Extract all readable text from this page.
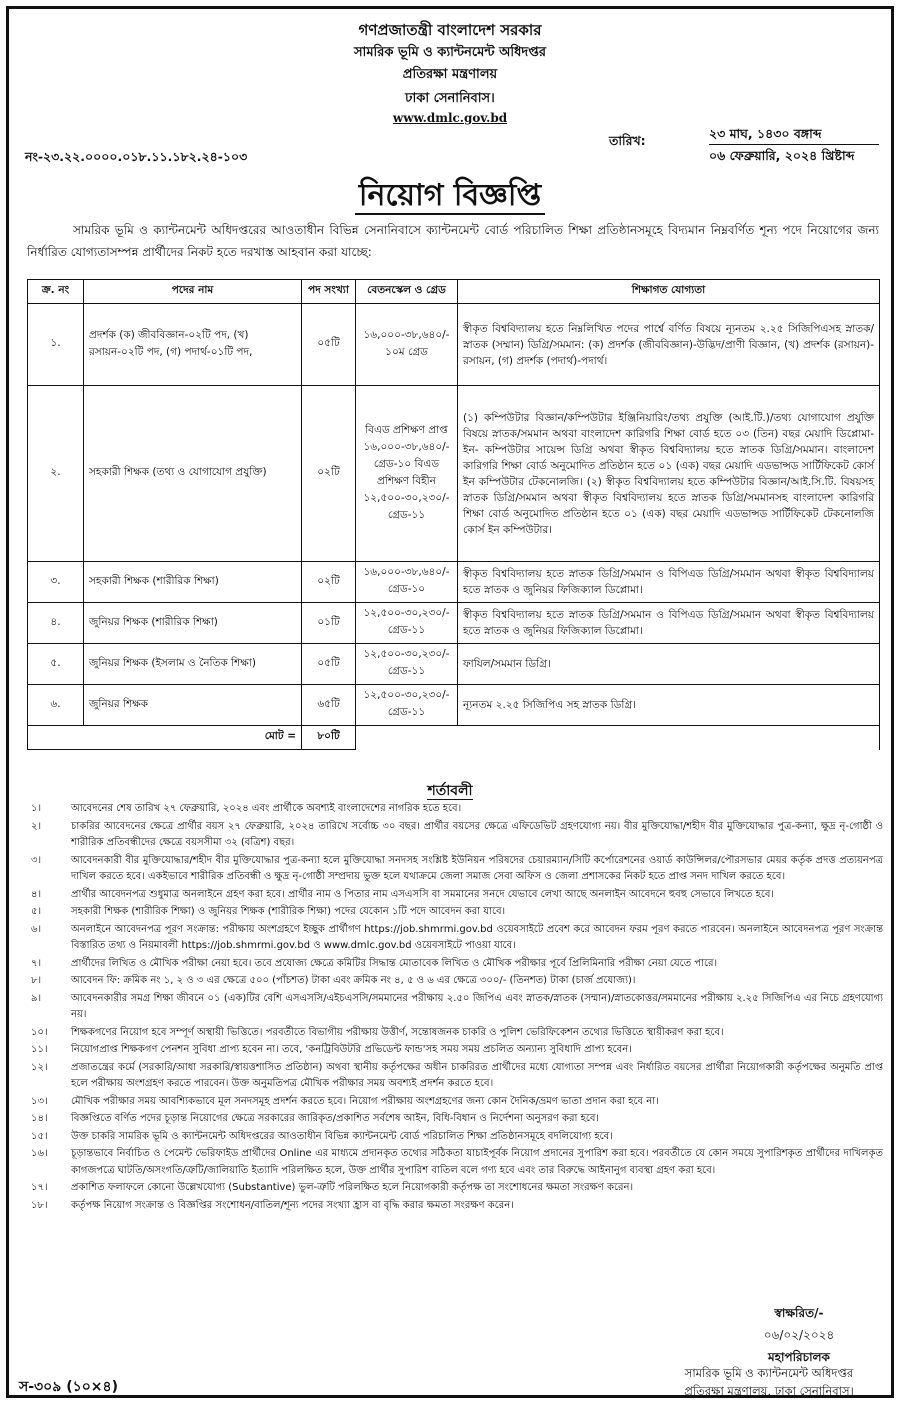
গণপ্রজাতন্ত্রী বাংলাদেশ সরকার
সামরিক ভূমি ও ক্যান্টনমেন্ট অধিদপ্তর
প্রতিরক্ষা মন্ত্রণালয়
ঢাকা সেনানিবাস।
www.dmlc.gov.bd
নং-২৩.২২.০০০০.০১৮.১১.১৮২.২৪-১০৩
তারিখ:	২৩ মাঘ, ১৪৩০ বঙ্গাব্দ
০৬ ফেব্রুয়ারি, ২০২৪ খ্রিষ্টাব্দ
নিয়োগ বিজ্ঞপ্তি
সামরিক ভূমি ও ক্যান্টনমেন্ট অধিদপ্তরের আওতাধীন বিভিন্ন সেনানিবাসে ক্যান্টনমেন্ট বোর্ড পরিচালিত শিক্ষা প্রতিষ্ঠানসমূহে বিদ্যমান নিম্নবর্ণিত শূন্য পদে নিয়োগের জন্য নির্ধারিত যোগ্যতাসম্পন্ন প্রার্থীদের নিকট হতে দরখাস্ত আহবান করা যাচ্ছে:
ক্র. নং	পদের নাম	পদ সংখ্যা	বেতনস্কেল ও গ্রেড	শিক্ষাগত যোগ্যতা
১.	প্রদর্শক (ক) জীববিজ্ঞান-০২টি পদ, (খ) রসায়ন-০২টি পদ, (গ) পদার্থ-০১টি পদ,	০৫টি	১৬,০০০-৩৮,৬৪০/- ১০ম গ্রেড	স্বীকৃত বিশ্ববিদ্যালয় হতে নিম্নলিখিত পদের পার্শ্বে বর্ণিত বিষয়ে ন্যূনতম ২.২৫ সিজিপিএসহ স্নাতক/স্নাতক (সম্মান) ডিগ্রি/সমমান: (ক) প্রদর্শক (জীববিজ্ঞান)-উদ্ভিদ/প্রাণী বিজ্ঞান, (খ) প্রদর্শক (রসায়ন)-রসায়ন, (গ) প্রদর্শক (পদার্থ)-পদার্থ।
২.	সহকারী শিক্ষক (তথ্য ও যোগাযোগ প্রযুক্তি)	০২টি	বিএড প্রশিক্ষণ প্রাপ্ত ১৬,০০০-৩৮,৬৪০/- গ্রেড-১০ বিএড প্রশিক্ষণ বিহীন ১২,৫০০-৩০,২৩০/- গ্রেড-১১	(১) কম্পিউটার বিজ্ঞান/কম্পিউটার ইঞ্জিনিয়ারিং/তথ্য প্রযুক্তি (আই.টি.)/তথ্য যোগাযোগ প্রযুক্তি বিষয়ে স্নাতক/সমমান অথবা বাংলাদেশ কারিগরি শিক্ষা বোর্ড হতে ০৩ (তিন) বছর মেয়াদি ডিপ্লোমা-ইন- কম্পিউটার সায়েন্স ডিগ্রি অথবা স্বীকৃত বিশ্ববিদ্যালয় হতে স্নাতক ডিগ্রি/সমমান। বাংলাদেশ কারিগরি শিক্ষা বোর্ড অনুমোদিত প্রতিষ্ঠান হতে ০১ (এক) বছর মেয়াদি এডভান্সড সার্টিফিকেট কোর্স ইন কম্পিউটার টেকনোলজি। (২) স্বীকৃত বিশ্ববিদ্যালয় হতে কম্পিউটার বিজ্ঞান/আই.সি.টি. বিষয়সহ স্নাতক ডিগ্রি/সমমান অথবা স্বীকৃত বিশ্ববিদ্যালয় হতে স্নাতক ডিগ্রি/সমমানসহ বাংলাদেশ কারিগরি শিক্ষা বোর্ড অনুমোদিত প্রতিষ্ঠান হতে ০১ (এক) বছর মেয়াদি এডভান্সড সার্টিফিকেট টেকনোলজি কোর্স ইন কম্পিউটার।
৩.	সহকারী শিক্ষক (শারীরিক শিক্ষা)	০২টি	১৬,০০০-৩৮,৬৪০/- গ্রেড-১০	স্বীকৃত বিশ্ববিদ্যালয় হতে স্নাতক ডিগ্রি/সমমান ও বিপিএড ডিগ্রি/সমমান অথবা স্বীকৃত বিশ্ববিদ্যালয় হতে স্নাতক ও জুনিয়র ফিজিক্যাল ডিপ্লোমা।
৪.	জুনিয়র শিক্ষক (শারীরিক শিক্ষা)	০১টি	১২,৫০০-৩০,২৩০/- গ্রেড-১১	স্বীকৃত বিশ্ববিদ্যালয় হতে স্নাতক ডিগ্রি/সমমান ও বিপিএড ডিগ্রি/সমমান অথবা স্বীকৃত বিশ্ববিদ্যালয় হতে স্নাতক ও জুনিয়র ফিজিক্যাল ডিপ্লোমা।
৫.	জুনিয়র শিক্ষক (ইসলাম ও নৈতিক শিক্ষা)	০৫টি	১২,৫০০-৩০,২৩০/- গ্রেড-১১	ফাযিল/সমমান ডিগ্রি।
৬.	জুনিয়র শিক্ষক	৬৫টি	১২,৫০০-৩০,২৩০/- গ্রেড-১১	ন্যূনতম ২.২৫ সিজিপিএ সহ স্নাতক ডিগ্রি।
মোট =		৮০টি		
শর্তাবলী
১।	আবেদনের শেষ তারিখ ২৭ ফেব্রুয়ারি, ২০২৪ এবং প্রার্থীকে অবশ্যই বাংলাদেশের নাগরিক হতে হবে।
২।	চাকরির আবেদনের ক্ষেত্রে প্রার্থীর বয়স ২৭ ফেব্রুয়ারি, ২০২৪ তারিখে সর্বোচ্চ ৩০ বছর। প্রার্থীর বয়সের ক্ষেত্রে এফিডেভিট গ্রহণযোগ্য নয়। বীর মুক্তিযোদ্ধা/শহীদ বীর মুক্তিযোদ্ধার পুত্র-কন্যা, ক্ষুদ্র নৃ-গোষ্ঠী ও শারীরিক প্রতিবন্ধীদের ক্ষেত্রে বয়সসীমা ৩২ (বত্রিশ) বছর।
৩।	আবেদনকারী বীর মুক্তিযোদ্ধার/শহীদ বীর মুক্তিযোদ্ধার পুত্র-কন্যা হলে মুক্তিযোদ্ধা সনদসহ সংশ্লিষ্ট ইউনিয়ন পরিষদের চেয়ারম্যান/সিটি কর্পোরেশনের ওয়ার্ড কাউন্সিলর/পৌরসভার মেয়র কর্তৃক প্রদত্ত প্রত্যয়নপত্র দাখিল করতে হবে। একইভাবে শারীরিক প্রতিবন্ধী ও ক্ষুদ্র নৃ-গোষ্ঠী সম্প্রদায় ভুক্ত হলে যথাক্রমে জেলা সমাজ সেবা অফিস ও জেলা প্রশাসকের নিকট হতে প্রাপ্ত সনদ দাখিল করতে হবে।
৪।	প্রার্থীর আবেদনপত্র শুধুমাত্র অনলাইনে গ্রহণ করা হবে। প্রার্থীর নাম ও পিতার নাম এসএসসি বা সমমানের সনদে যেভাবে লেখা আছে অনলাইন আবেদনে হুবহু সেভাবে লিখতে হবে।
৫।	সহকারী শিক্ষক (শারীরিক শিক্ষা) ও জুনিয়র শিক্ষক (শারীরিক শিক্ষা) পদের যেকোন ১টি পদে আবেদন করা যাবে।
৬।	অনলাইনে আবেদনপত্র পূরণ সংক্রান্ত: পরীক্ষায় অংশগ্রহণে ইচ্ছুক প্রার্থীগণ https://job.shmrmi.gov.bd ওয়েবসাইটে প্রবেশ করে আবেদন ফরম পূরণ করতে পারবেন। অনলাইনে আবেদনপত্র পূরণ সংক্রান্ত বিস্তারিত তথ্য ও নিয়মাবলী https://job.shmrmi.gov.bd ও www.dmlc.gov.bd ওয়েবসাইটে পাওয়া যাবে।
৭।	প্রার্থীদের লিখিত ও মৌখিক পরীক্ষা নেয়া হবে। তবে প্রযোজ্য ক্ষেত্রে কমিটির সিদ্ধান্ত মোতাবেক লিখিত ও মৌখিক পরীক্ষার পূর্বে প্রিলিমিনারি পরীক্ষা নেয়া যেতে পারে।
৮।	আবেদন ফি: ক্রমিক নং ১, ২ ও ৩ এর ক্ষেত্রে ৫০০ (পাঁচশত) টাকা এবং ক্রমিক নং ৪, ৫ ও ৬ এর ক্ষেত্রে ৩০০/- (তিনশত) টাকা (চার্জ প্রযোজ্য)।
৯।	আবেদনকারীর সমগ্র শিক্ষা জীবনে ০১ (এক)টির বেশি এসএসসি/এইচএসসি/সমমানের পরীক্ষায় ২.৫০ জিপিএ এবং স্নাতক/স্নাতক (সম্মান)/স্নাতকোত্তর/সমমানের পরীক্ষায় ২.২৫ সিজিপিএ এর নিচে গ্রহণযোগ্য নয়।
১০।	শিক্ষকগণের নিয়োগ হবে সম্পূর্ণ অস্থায়ী ভিত্তিতে। পরবর্তীতে বিভাগীয় পরীক্ষায় উত্তীর্ণ, সন্তোষজনক চাকরি ও পুলিশ ভেরিফিকেশন তথ্যের ভিত্তিতে স্থায়ীকরণ করা হবে।
১১।	নিয়োগপ্রাপ্ত শিক্ষকগণ পেনশন সুবিধা প্রাপ্য হবেন না। তবে, 'কনট্রিবিউটরি প্রভিডেন্ট ফান্ড'সহ সময় সময় প্রচলিত অন্যান্য সুবিধাদি প্রাপ্য হবেন।
১২।	প্রজাতন্ত্রের কর্মে (সরকারি/আধা সরকারি/স্বায়ত্তশাসিত প্রতিষ্ঠান) অথবা স্থানীয় কর্তৃপক্ষের অধীন চাকরিরত প্রার্থীদের মধ্যে যোগ্যতা সম্পন্ন এবং নির্ধারিত বয়সের প্রার্থীরা নিয়োগকারী কর্তৃপক্ষের অনুমতি প্রাপ্ত হলে পরীক্ষায় অংশগ্রহণ করতে পারবেন। উক্ত অনুমতিপত্র মৌখিক পরীক্ষার সময় অবশ্যই প্রদর্শন করতে হবে।
১৩।	মৌখিক পরীক্ষার সময় আবশ্যিকভাবে মূল সনদসমূহ প্রদর্শন করতে হবে। নিয়োগ পরীক্ষায় অংশগ্রহণের জন্য কোন দৈনিক/ভ্রমণ ভাতা প্রদান করা হবে না।
১৪।	বিজ্ঞপ্তিতে বর্ণিত পদের চূড়ান্ত নিয়োগের ক্ষেত্রে সরকারের জারিকৃত/প্রকাশিত সর্বশেষ আইন, বিধি-বিধান ও নির্দেশনা অনুসরণ করা হবে।
১৫।	উক্ত চাকরি সামরিক ভূমি ও ক্যান্টনমেন্ট অধিদপ্তরের আওতাধীন বিভিন্ন ক্যান্টনমেন্ট বোর্ড পরিচালিত শিক্ষা প্রতিষ্ঠানসমূহে বদলিযোগ্য হবে।
১৬।	চূড়ান্তভাবে নির্বাচিত ও পেমেন্ট ভেরিফাইড প্রার্থীদের Online এর মাধ্যমে প্রদানকৃত তথ্যের সঠিকতা যাচাইপূর্বক নিয়োগ প্রদানের সুপারিশ করা হবে। পরবর্তীতে যে কোন সময়ে সুপারিশকৃত প্রার্থীদের দাখিলকৃত কাগজপত্রে ঘাটতি/অসংগতি/ত্রুটি/জালিয়াতি ইত্যাদি পরিলক্ষিত হলে, উক্ত প্রার্থীর সুপারিশ বাতিল বলে গণ্য হবে এবং তার বিরুদ্ধে আইনানুগ ব্যবস্থা গ্রহণ করা হবে।
১৭।	প্রকাশিত ফলাফলে কোনো উল্লেখযোগ্য (Substantive) ভুল-ত্রুটি পরিলক্ষিত হলে নিয়োগকারী কর্তৃপক্ষ তা সংশোধনের ক্ষমতা সংরক্ষণ করেন।
১৮।	কর্তৃপক্ষ নিয়োগ সংক্রান্ত ও বিজ্ঞপ্তির সংশোধন/বাতিল/শূন্য পদের সংখ্যা হ্রাস বা বৃদ্ধি করার ক্ষমতা সংরক্ষণ করেন।
স্বাক্ষরিত/-
০৬/০২/২০২৪
মহাপরিচালক
সামরিক ভূমি ও ক্যান্টনমেন্ট অধিদপ্তর
প্রতিরক্ষা মন্ত্রণালয়, ঢাকা সেনানিবাস।
স-৩০৯ (১০×৪)
